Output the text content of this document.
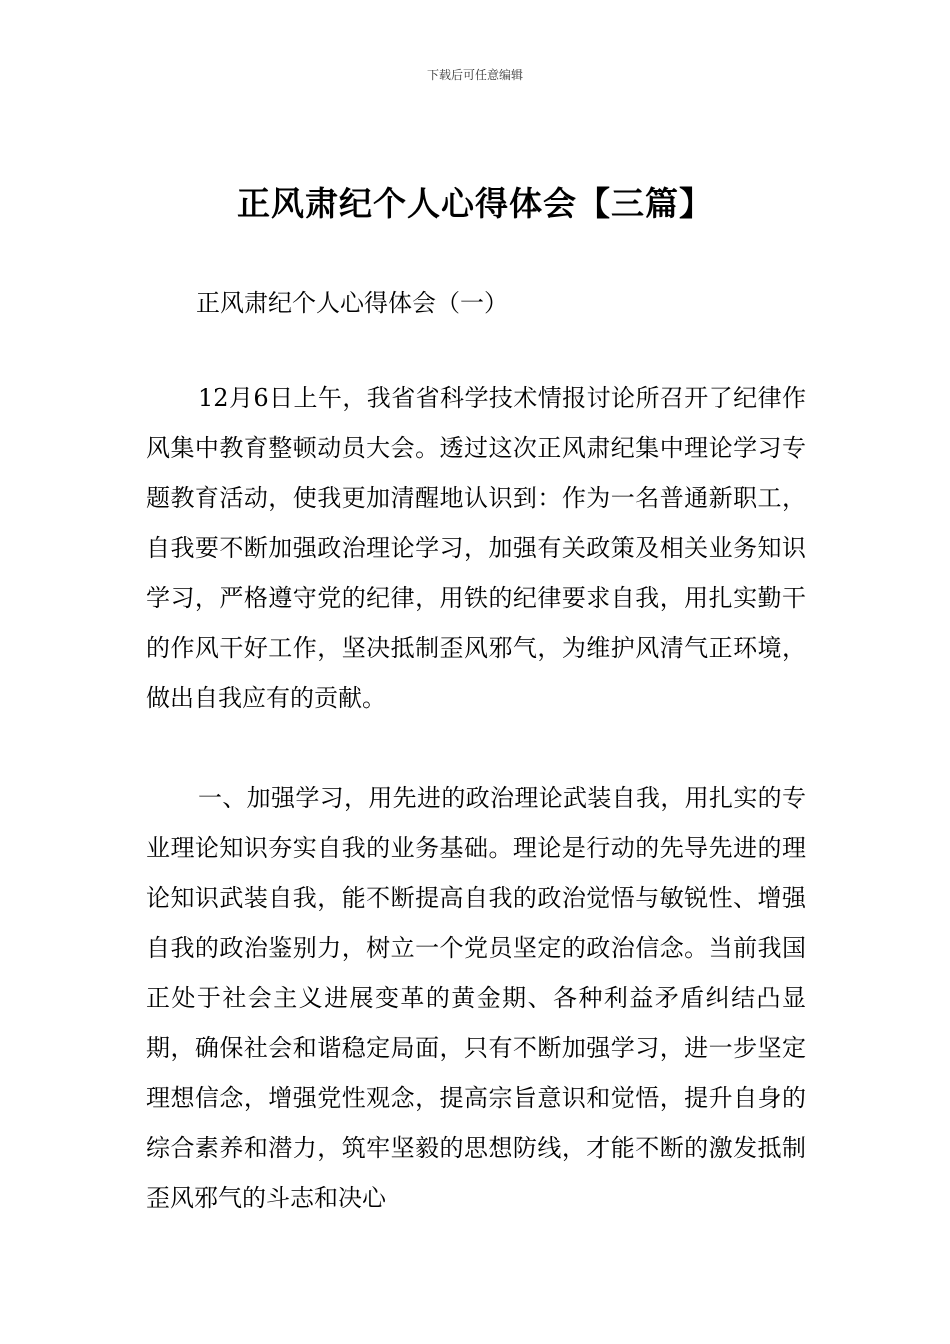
下载后可任意编辑
正风肃纪个人心得体会【三篇】
正风肃纪个人心得体会（一）

12月6日上午，我省省科学技术情报讨论所召开了纪律作风集中教育整顿动员大会。透过这次正风肃纪集中理论学习专题教育活动，使我更加清醒地认识到：作为一名普通新职工，自我要不断加强政治理论学习，加强有关政策及相关业务知识学习，严格遵守党的纪律，用铁的纪律要求自我，用扎实勤干的作风干好工作，坚决抵制歪风邪气，为维护风清气正环境，做出自我应有的贡献。

一、加强学习，用先进的政治理论武装自我，用扎实的专业理论知识夯实自我的业务基础。理论是行动的先导先进的理论知识武装自我，能不断提高自我的政治觉悟与敏锐性、增强自我的政治鉴别力，树立一个党员坚定的政治信念。当前我国正处于社会主义进展变革的黄金期、各种利益矛盾纠结凸显期，确保社会和谐稳定局面，只有不断加强学习，进一步坚定理想信念，增强党性观念，提高宗旨意识和觉悟，提升自身的综合素养和潜力，筑牢坚毅的思想防线，才能不断的激发抵制歪风邪气的斗志和决心
